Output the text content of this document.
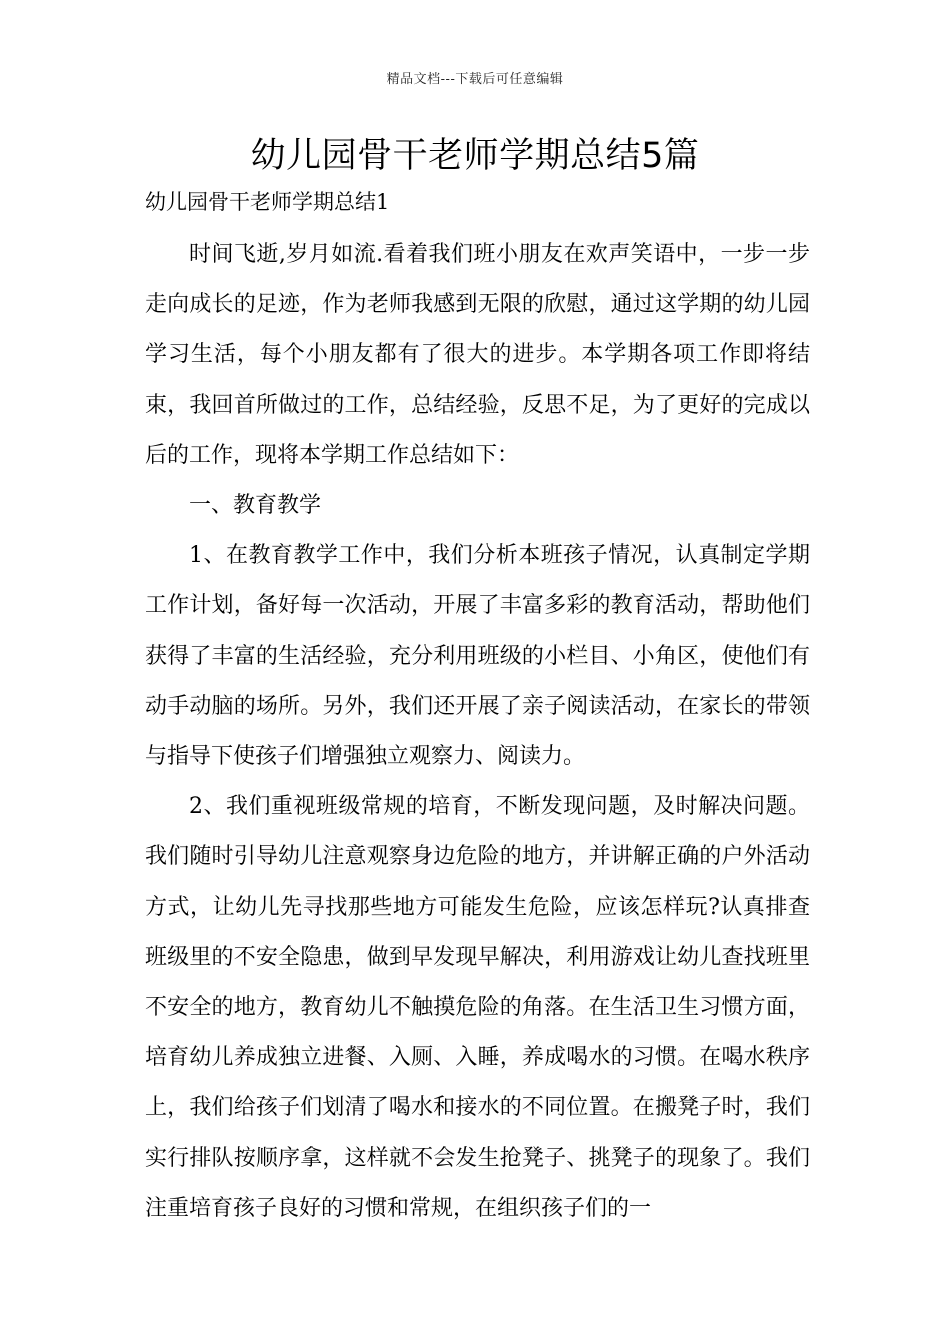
精品文档---下载后可任意编辑
幼儿园骨干老师学期总结5篇
幼儿园骨干老师学期总结1

时间飞逝,岁月如流.看着我们班小朋友在欢声笑语中，一步一步走向成长的足迹，作为老师我感到无限的欣慰，通过这学期的幼儿园学习生活，每个小朋友都有了很大的进步。本学期各项工作即将结束，我回首所做过的工作，总结经验，反思不足，为了更好的完成以后的工作，现将本学期工作总结如下：

一、教育教学

1、在教育教学工作中，我们分析本班孩子情况，认真制定学期工作计划，备好每一次活动，开展了丰富多彩的教育活动，帮助他们获得了丰富的生活经验，充分利用班级的小栏目、小角区，使他们有动手动脑的场所。另外，我们还开展了亲子阅读活动，在家长的带领与指导下使孩子们增强独立观察力、阅读力。

2、我们重视班级常规的培育，不断发现问题，及时解决问题。我们随时引导幼儿注意观察身边危险的地方，并讲解正确的户外活动方式，让幼儿先寻找那些地方可能发生危险，应该怎样玩?认真排查班级里的不安全隐患，做到早发现早解决，利用游戏让幼儿查找班里不安全的地方，教育幼儿不触摸危险的角落。在生活卫生习惯方面，培育幼儿养成独立进餐、入厕、入睡，养成喝水的习惯。在喝水秩序上，我们给孩子们划清了喝水和接水的不同位置。在搬凳子时，我们实行排队按顺序拿，这样就不会发生抢凳子、挑凳子的现象了。我们注重培育孩子良好的习惯和常规，在组织孩子们的一
